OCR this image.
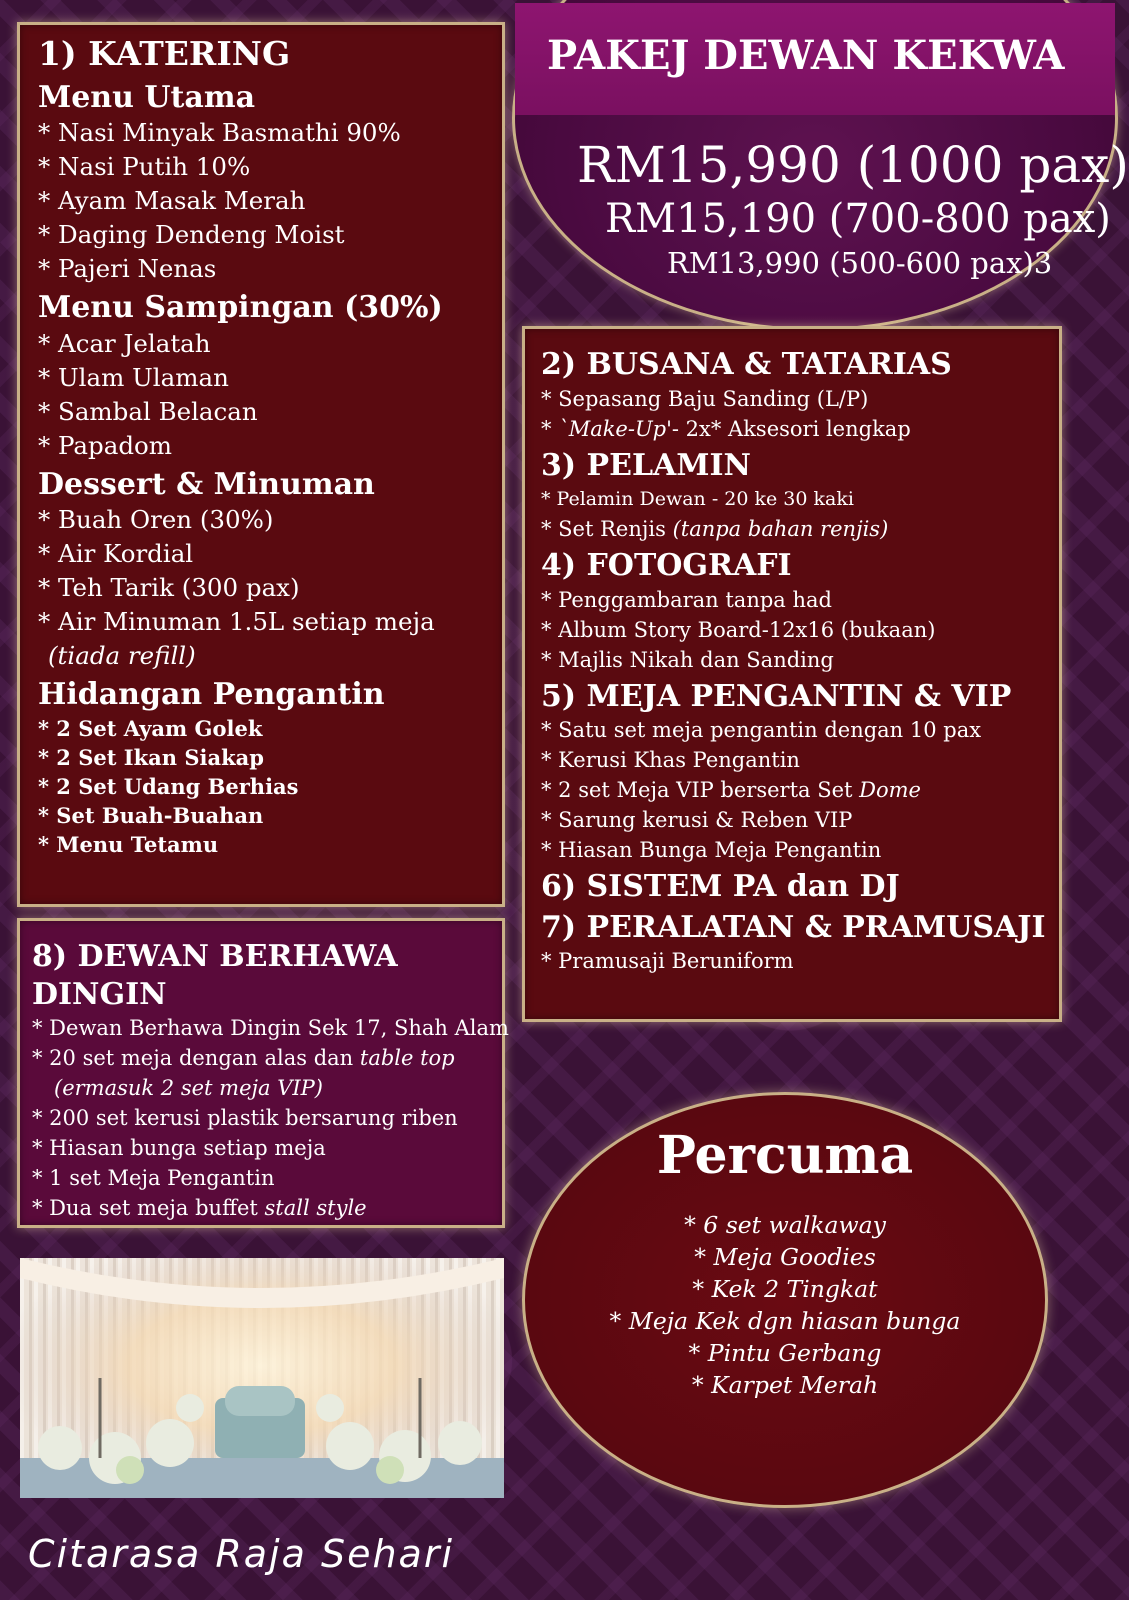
1) KATERING
Menu Utama
* Nasi Minyak Basmathi 90%
* Nasi Putih 10%
* Ayam Masak Merah
* Daging Dendeng Moist
* Pajeri Nenas
Menu Sampingan (30%)
* Acar Jelatah
* Ulam Ulaman
* Sambal Belacan
* Papadom
Dessert & Minuman
* Buah Oren (30%)
* Air Kordial
* Teh Tarik (300 pax)
* Air Minuman 1.5L setiap meja
(tiada refill)
Hidangan Pengantin
* 2 Set Ayam Golek
* 2 Set Ikan Siakap
* 2 Set Udang Berhias
* Set Buah-Buahan
* Menu Tetamu
PAKEJ DEWAN KEKWA
RM15,990 (1000 pax)
RM15,190 (700-800 pax)
RM13,990 (500-600 pax)3
2) BUSANA & TATARIAS
* Sepasang Baju Sanding (L/P)
* `Make-Up'- 2x* Aksesori lengkap
3) PELAMIN
* Pelamin Dewan - 20 ke 30 kaki
* Set Renjis (tanpa bahan renjis)
4) FOTOGRAFI
* Penggambaran tanpa had
* Album Story Board-12x16 (bukaan)
* Majlis Nikah dan Sanding
5) MEJA PENGANTIN & VIP
* Satu set meja pengantin dengan 10 pax
* Kerusi Khas Pengantin
* 2 set Meja VIP berserta Set Dome
* Sarung kerusi & Reben VIP
* Hiasan Bunga Meja Pengantin
6) SISTEM PA dan DJ
7) PERALATAN & PRAMUSAJI
* Pramusaji Beruniform
8) DEWAN BERHAWA DINGIN
* Dewan Berhawa Dingin Sek 17, Shah Alam
* 20 set meja dengan alas dan table top
(ermasuk 2 set meja VIP)
* 200 set kerusi plastik bersarung riben
* Hiasan bunga setiap meja
* 1 set Meja Pengantin
* Dua set meja buffet stall style
Percuma
* 6 set walkaway
* Meja Goodies
* Kek 2 Tingkat
* Meja Kek dgn hiasan bunga
* Pintu Gerbang
* Karpet Merah
Citarasa Raja Sehari
